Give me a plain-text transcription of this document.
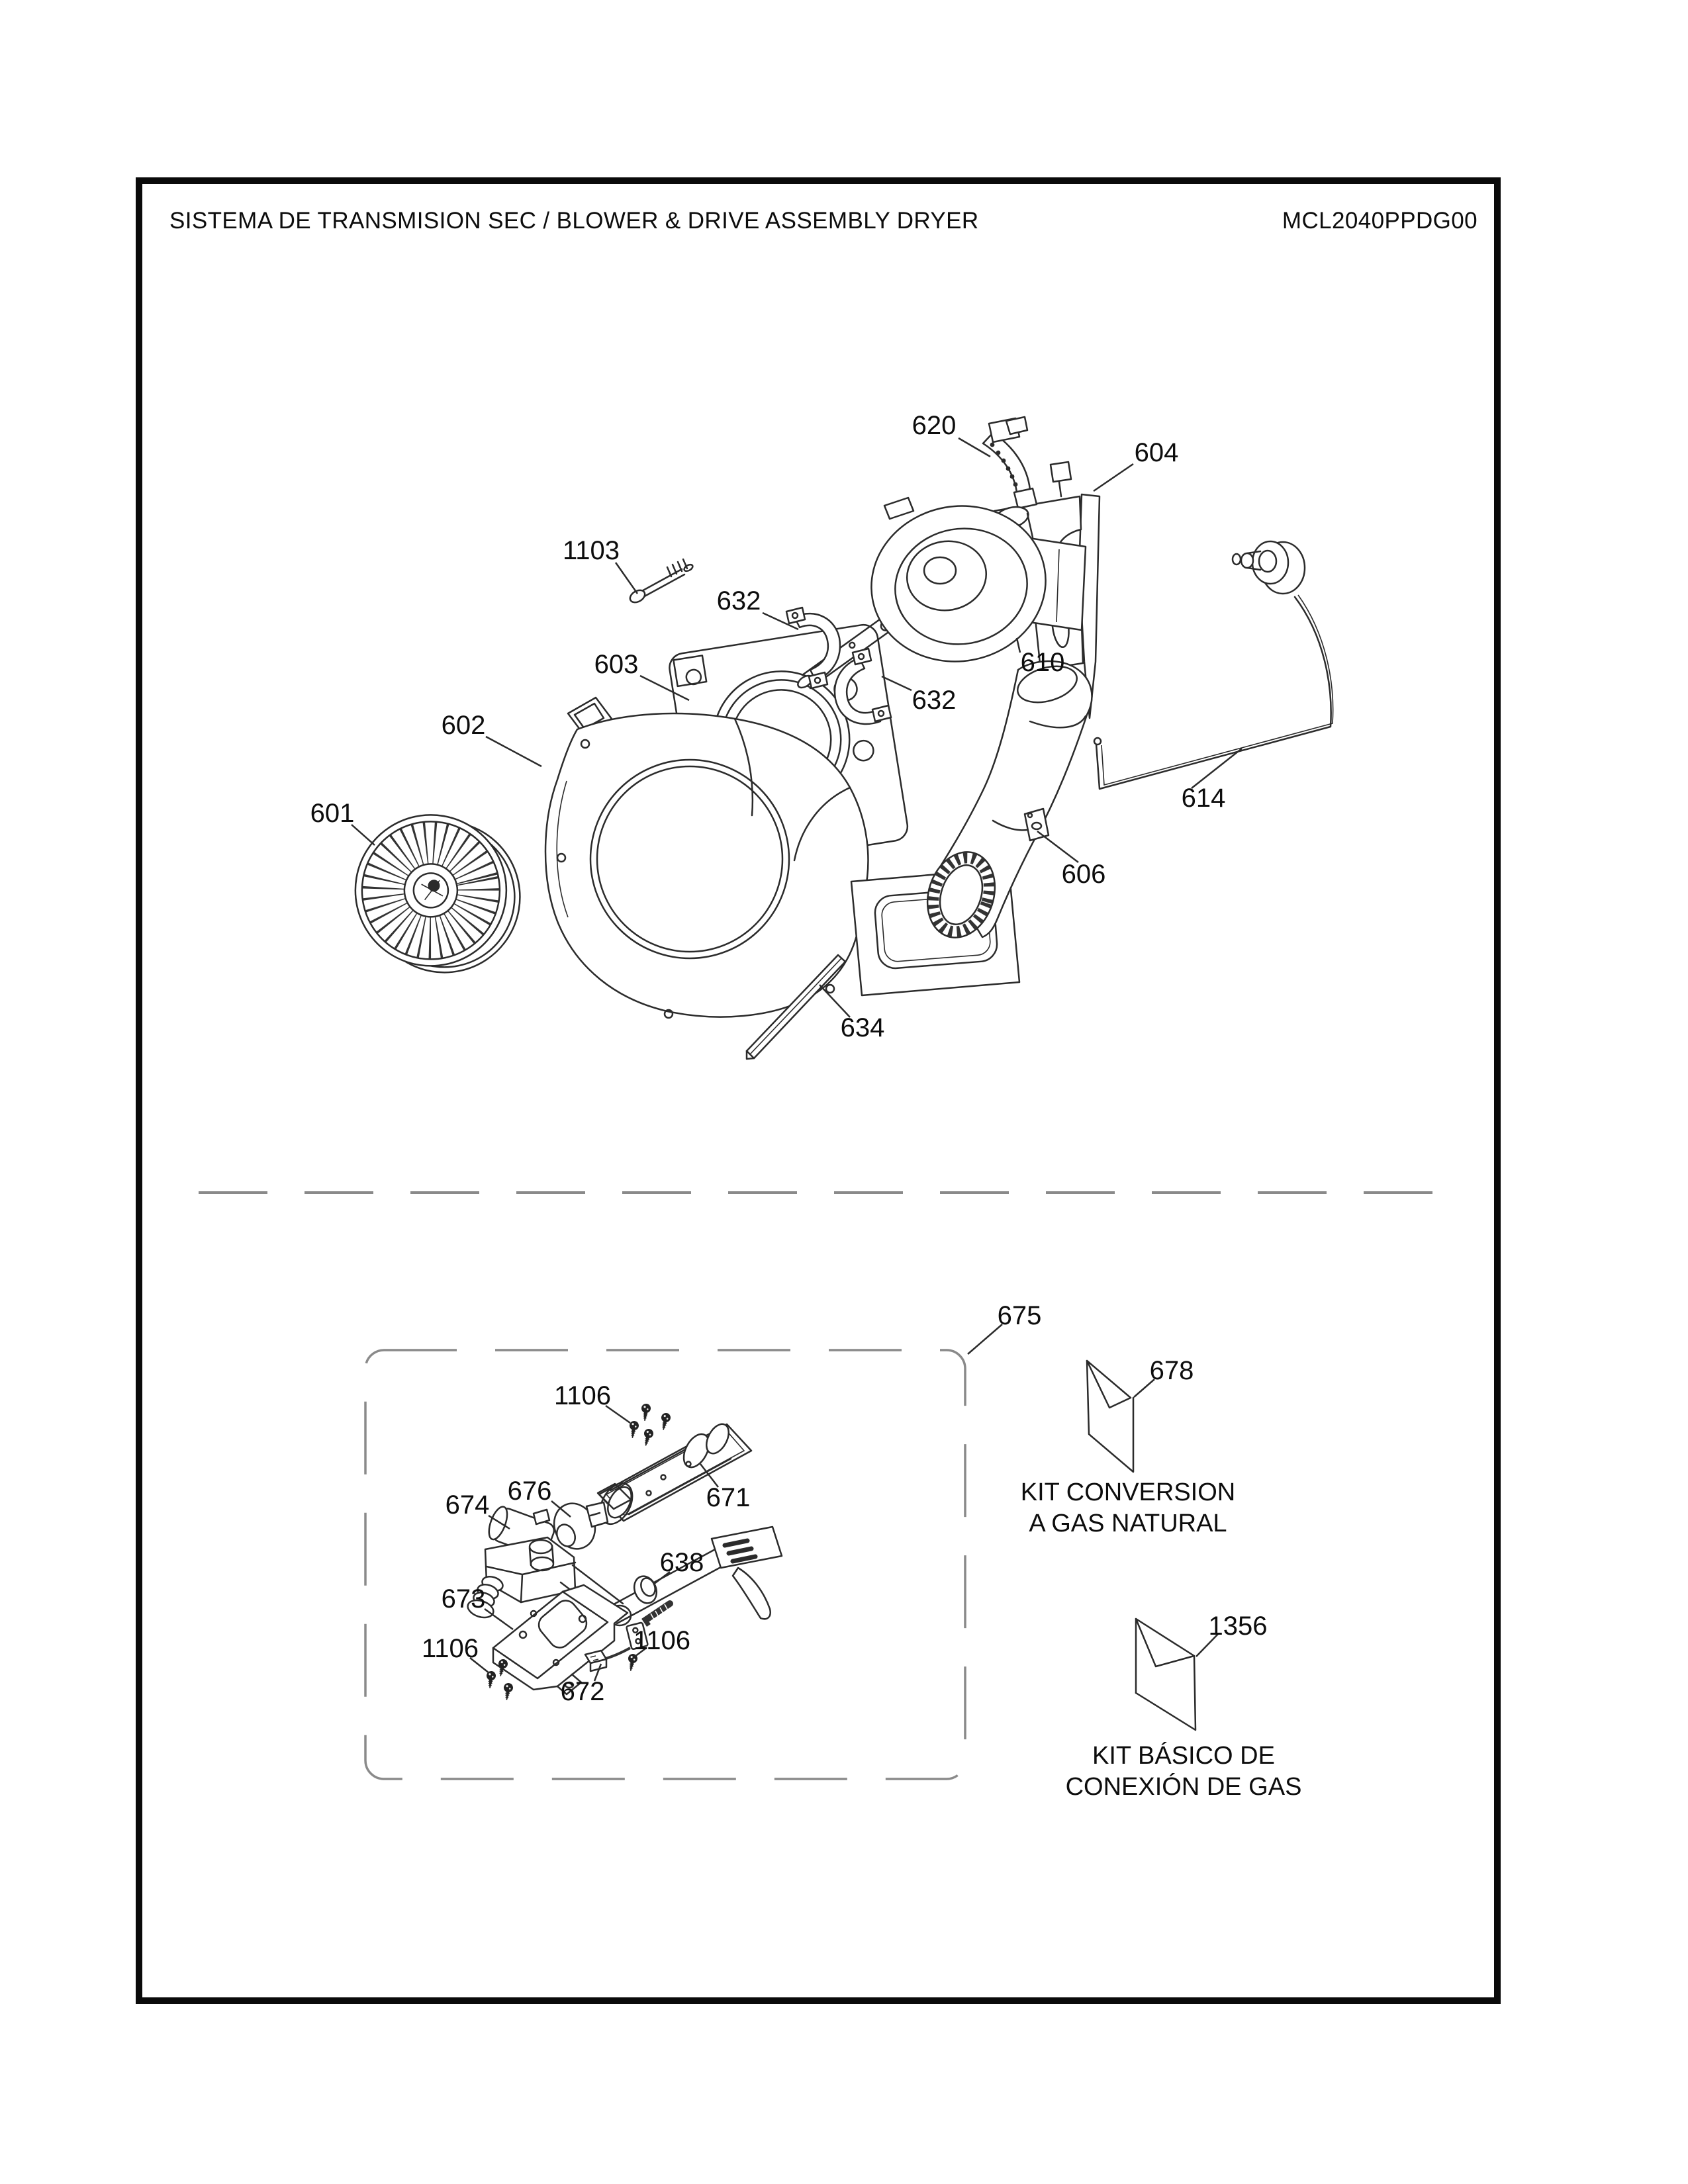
SISTEMA DE TRANSMISION SEC / BLOWER & DRIVE ASSEMBLY DRYER	MCL2040PPDG00
620
604
1103
632
603	610
632
602
601
614
606
634
675
1106
676
674	671
638
673
1106
672
1106
678
1356
KIT CONVERSION
A GAS NATURAL
KIT BÁSICO DE
CONEXIÓN DE GAS
